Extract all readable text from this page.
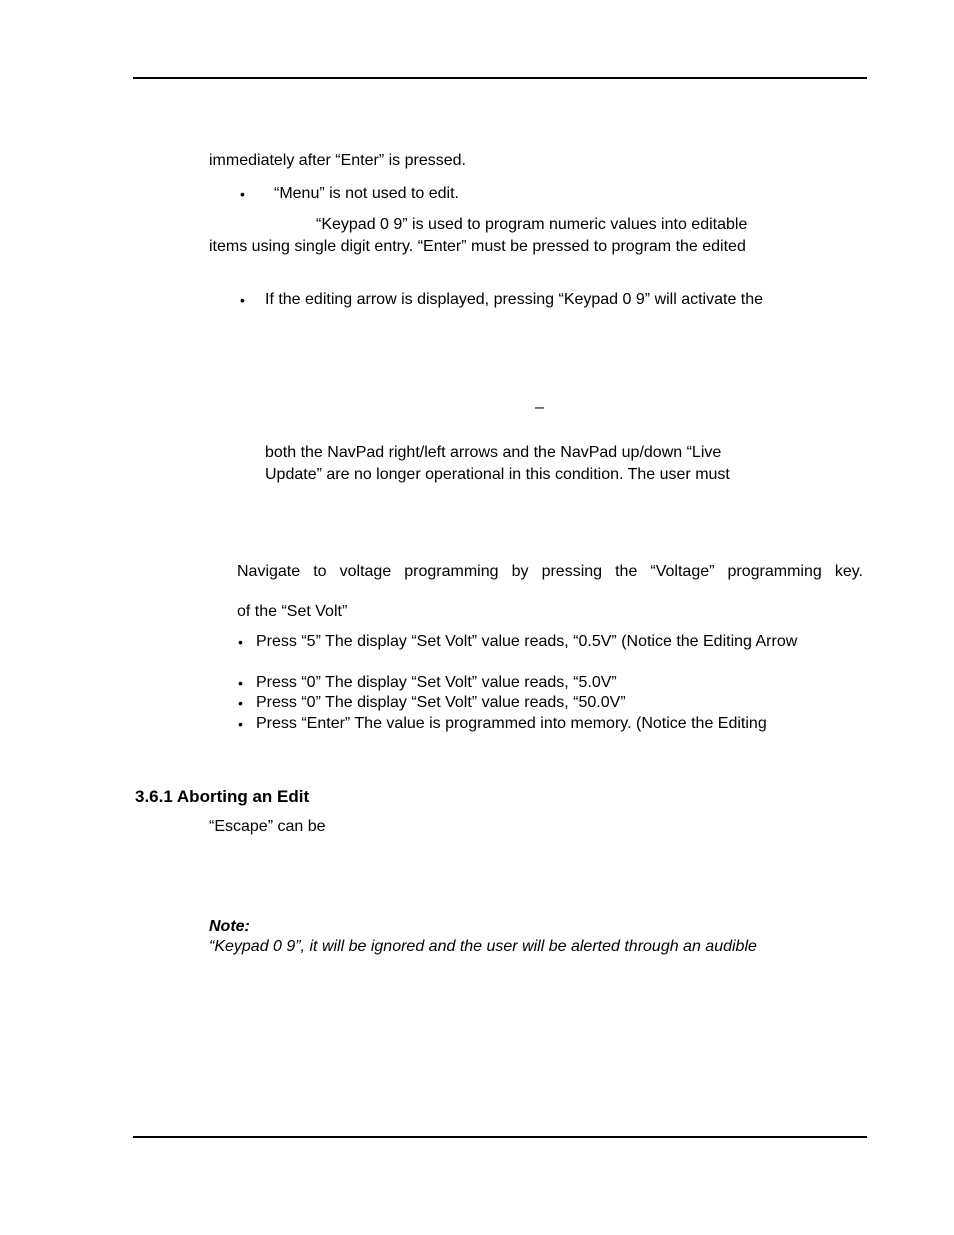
immediately after “Enter” is pressed.
• “Menu” is not used to edit.
“Keypad 0 9” is used to program numeric values into editable
items using single digit entry. “Enter” must be pressed to program the edited
• If the editing arrow is displayed, pressing “Keypad 0 9” will activate the
–
both the NavPad right/left arrows and the NavPad up/down “Live
Update” are no longer operational in this condition. The user must
Navigate to voltage programming by pressing the “Voltage” programming key.
of the “Set Volt”
• Press “5” The display “Set Volt” value reads, “0.5V” (Notice the Editing Arrow
• Press “0” The display “Set Volt” value reads, “5.0V”
• Press “0” The display “Set Volt” value reads, “50.0V”
• Press “Enter” The value is programmed into memory. (Notice the Editing
3.6.1 Aborting an Edit
“Escape” can be
Note:
“Keypad 0 9”, it will be ignored and the user will be alerted through an audible
